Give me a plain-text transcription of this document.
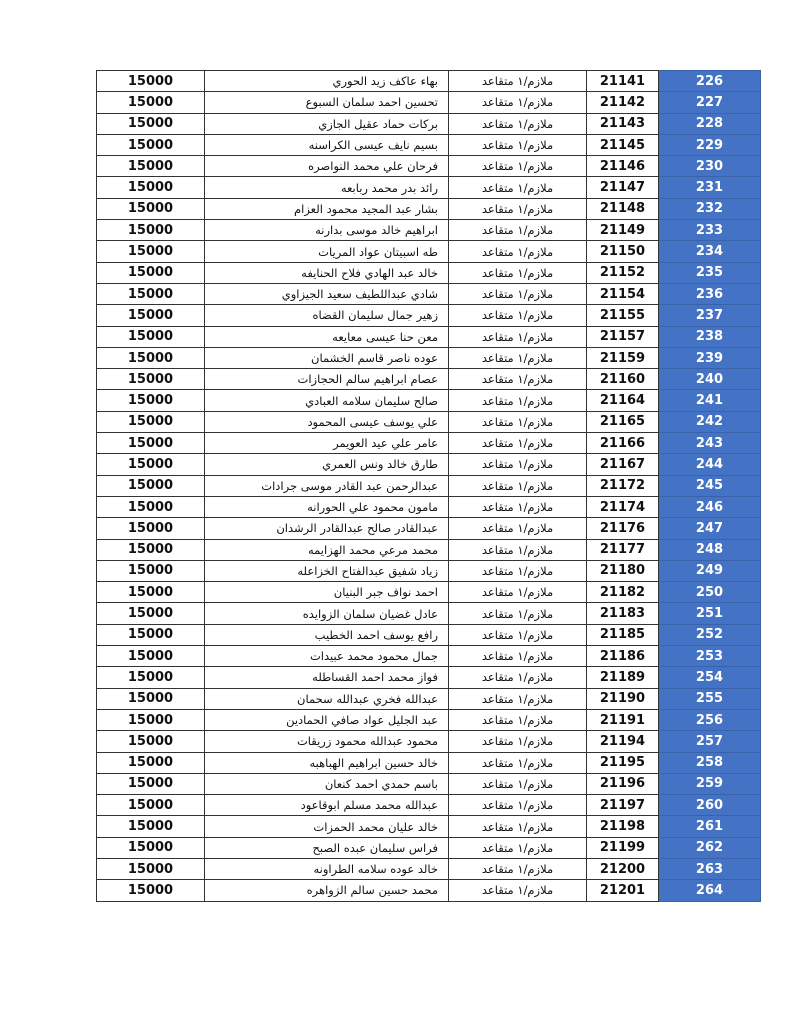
15000	بهاء عاكف زيد الحوري	ملازم/١ متقاعد	21141	226
15000	تحسين احمد سلمان السبوع	ملازم/١ متقاعد	21142	227
15000	بركات حماد عقيل الجازي	ملازم/١ متقاعد	21143	228
15000	بسيم نايف عيسى الكراسنه	ملازم/١ متقاعد	21145	229
15000	فرحان علي محمد النواصره	ملازم/١ متقاعد	21146	230
15000	رائد بدر محمد ربابعه	ملازم/١ متقاعد	21147	231
15000	بشار عبد المجيد محمود العزام	ملازم/١ متقاعد	21148	232
15000	ابراهيم خالد موسى بدارنه	ملازم/١ متقاعد	21149	233
15000	طه اسبيتان عواد المريات	ملازم/١ متقاعد	21150	234
15000	خالد عبد الهادي فلاح الحنايفه	ملازم/١ متقاعد	21152	235
15000	شادي عبداللطيف سعيد الجيزاوي	ملازم/١ متقاعد	21154	236
15000	زهير جمال سليمان القضاه	ملازم/١ متقاعد	21155	237
15000	معن حنا عيسى معايعه	ملازم/١ متقاعد	21157	238
15000	عوده ناصر قاسم الخشمان	ملازم/١ متقاعد	21159	239
15000	عصام ابراهيم سالم الحجازات	ملازم/١ متقاعد	21160	240
15000	صالح سليمان سلامه العبادي	ملازم/١ متقاعد	21164	241
15000	علي يوسف عيسى المحمود	ملازم/١ متقاعد	21165	242
15000	عامر علي عيد العويمر	ملازم/١ متقاعد	21166	243
15000	طارق خالد ونس العمري	ملازم/١ متقاعد	21167	244
15000	عبدالرحمن عبد القادر موسى جرادات	ملازم/١ متقاعد	21172	245
15000	مامون محمود علي الحورانه	ملازم/١ متقاعد	21174	246
15000	عبدالقادر صالح عبدالقادر الرشدان	ملازم/١ متقاعد	21176	247
15000	محمد مرعي محمد الهزايمه	ملازم/١ متقاعد	21177	248
15000	زياد شفيق عبدالفتاح الخزاعله	ملازم/١ متقاعد	21180	249
15000	احمد نواف جبر البنيان	ملازم/١ متقاعد	21182	250
15000	عادل غضيان سلمان الزوايده	ملازم/١ متقاعد	21183	251
15000	رافع يوسف احمد الخطيب	ملازم/١ متقاعد	21185	252
15000	جمال محمود محمد عبيدات	ملازم/١ متقاعد	21186	253
15000	فواز محمد احمد القساطله	ملازم/١ متقاعد	21189	254
15000	عبدالله فخري عبدالله سحمان	ملازم/١ متقاعد	21190	255
15000	عبد الجليل عواد صافي الحمادين	ملازم/١ متقاعد	21191	256
15000	محمود عبدالله محمود زريقات	ملازم/١ متقاعد	21194	257
15000	خالد حسين ابراهيم الهباهبه	ملازم/١ متقاعد	21195	258
15000	باسم حمدي احمد كنعان	ملازم/١ متقاعد	21196	259
15000	عبدالله محمد مسلم ابوقاعود	ملازم/١ متقاعد	21197	260
15000	خالد عليان محمد الحمزات	ملازم/١ متقاعد	21198	261
15000	فراس سليمان عبده الصبح	ملازم/١ متقاعد	21199	262
15000	خالد عوده سلامه الطراونه	ملازم/١ متقاعد	21200	263
15000	محمد حسين سالم الزواهره	ملازم/١ متقاعد	21201	264
